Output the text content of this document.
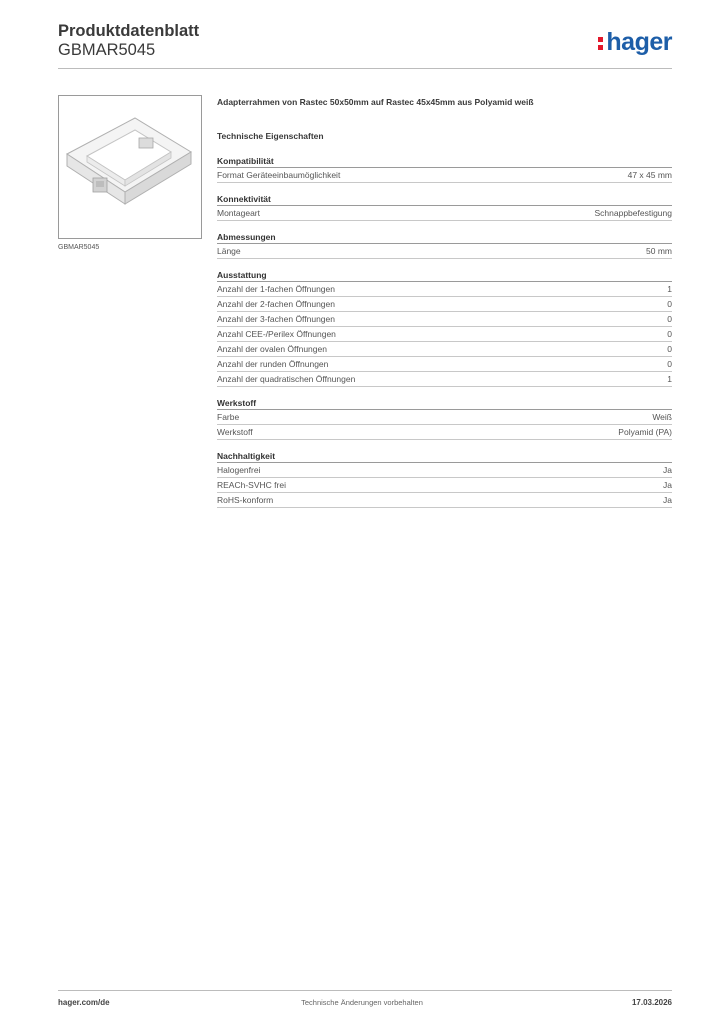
Produktdatenblatt
GBMAR5045	hager
GBMAR5045
Adapterrahmen von Rastec 50x50mm auf Rastec 45x45mm aus Polyamid weiß
Technische Eigenschaften
Kompatibilität
Format Geräteeinbaumöglichkeit	47 x 45 mm
Konnektivität
Montageart	Schnappbefestigung
Abmessungen
Länge	50 mm
Ausstattung
Anzahl der 1-fachen Öffnungen	1
Anzahl der 2-fachen Öffnungen	0
Anzahl der 3-fachen Öffnungen	0
Anzahl CEE-/Perilex Öffnungen	0
Anzahl der ovalen Öffnungen	0
Anzahl der runden Öffnungen	0
Anzahl der quadratischen Öffnungen	1
Werkstoff
Farbe	Weiß
Werkstoff	Polyamid (PA)
Nachhaltigkeit
Halogenfrei	Ja
REACh-SVHC frei	Ja
RoHS-konform	Ja
hager.com/de	Technische Änderungen vorbehalten	17.03.2026
